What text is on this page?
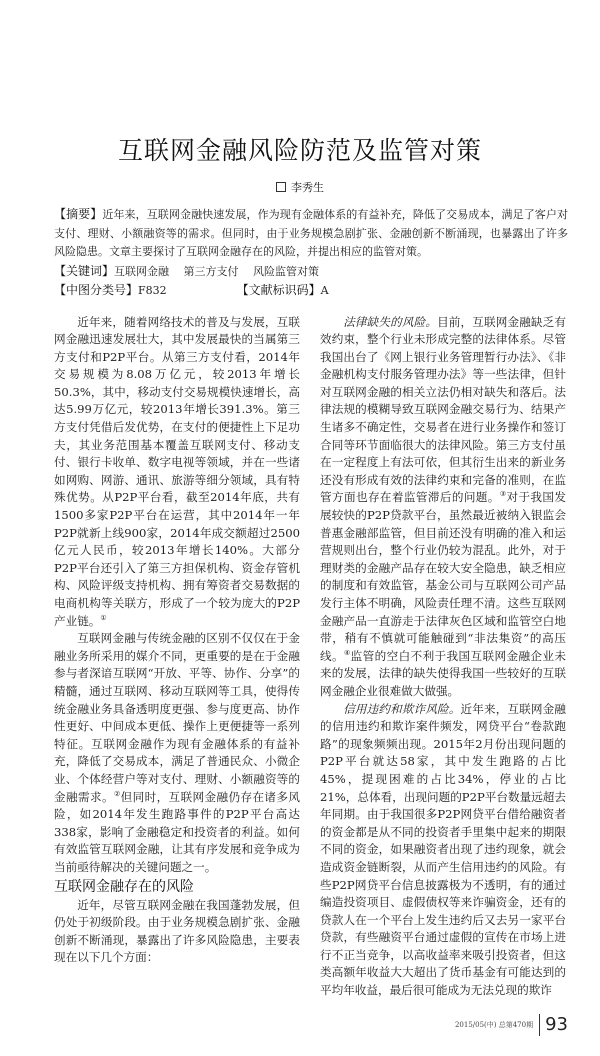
互联网金融风险防范及监管对策
李秀生
【摘要】近年来，互联网金融快速发展，作为现有金融体系的有益补充，降低了交易成本，满足了客户对支付、理财、小额融资等的需求。但同时，由于业务规模急剧扩张、金融创新不断涌现，也暴露出了许多风险隐患。文章主要探讨了互联网金融存在的风险，并提出相应的监管对策。
【关键词】互联网金融　 第三方支付　 风险监管对策
【中图分类号】F832	【文献标识码】A

近年来，随着网络技术的普及与发展，互联网金融迅速发展壮大，其中发展最快的当属第三方支付和P2P平台。从第三方支付看，2014年交易规模为8.08万亿元，较2013年增长50.3%，其中，移动支付交易规模快速增长，高达5.99万亿元，较2013年增长391.3%。第三方支付凭借后发优势，在支付的便捷性上下足功夫，其业务范围基本覆盖互联网支付、移动支付、银行卡收单、数字电视等领域，并在一些诸如网购、网游、通讯、旅游等细分领域，具有特殊优势。从P2P平台看，截至2014年底，共有1500多家P2P平台在运营，其中2014年一年P2P就新上线900家，2014年成交额超过2500亿元人民币，较2013年增长140%。大部分P2P平台还引入了第三方担保机构、资金存管机构、风险评级支持机构、拥有筹资者交易数据的电商机构等关联方，形成了一个较为庞大的P2P产业链。①

互联网金融与传统金融的区别不仅仅在于金融业务所采用的媒介不同，更重要的是在于金融参与者深谙互联网“开放、平等、协作、分享”的精髓，通过互联网、移动互联网等工具，使得传统金融业务具备透明度更强、参与度更高、协作性更好、中间成本更低、操作上更便捷等一系列特征。互联网金融作为现有金融体系的有益补充，降低了交易成本，满足了普通民众、小微企业、个体经营户等对支付、理财、小额融资等的金融需求。②但同时，互联网金融仍存在诸多风险，如2014年发生跑路事件的P2P平台高达338家，影响了金融稳定和投资者的利益。如何有效监管互联网金融，让其有序发展和竞争成为当前亟待解决的关键问题之一。

互联网金融存在的风险

近年，尽管互联网金融在我国蓬勃发展，但仍处于初级阶段。由于业务规模急剧扩张、金融创新不断涌现，暴露出了许多风险隐患，主要表现在以下几个方面：

法律缺失的风险。目前，互联网金融缺乏有效约束，整个行业未形成完整的法律体系。尽管我国出台了《网上银行业务管理暂行办法》、《非金融机构支付服务管理办法》等一些法律，但针对互联网金融的相关立法仍相对缺失和落后。法律法规的模糊导致互联网金融交易行为、结果产生诸多不确定性，交易者在进行业务操作和签订合同等环节面临很大的法律风险。第三方支付虽在一定程度上有法可依，但其衍生出来的新业务还没有形成有效的法律约束和完备的准则，在监管方面也存在着监管滞后的问题。③对于我国发展较快的P2P贷款平台，虽然最近被纳入银监会普惠金融部监管，但目前还没有明确的准入和运营规则出台，整个行业仍较为混乱。此外，对于理财类的金融产品存在较大安全隐患，缺乏相应的制度和有效监管，基金公司与互联网公司产品发行主体不明确，风险责任理不清。这些互联网金融产品一直游走于法律灰色区域和监管空白地带，稍有不慎就可能触碰到“非法集资”的高压线。④监管的空白不利于我国互联网金融企业未来的发展，法律的缺失使得我国一些较好的互联网金融企业很难做大做强。

信用违约和欺诈风险。近年来，互联网金融的信用违约和欺诈案件频发，网贷平台“卷款跑路”的现象频频出现。2015年2月份出现问题的P2P平台就达58家，其中发生跑路的占比45%，提现困难的占比34%，停业的占比21%，总体看，出现问题的P2P平台数量远超去年同期。由于我国很多P2P网贷平台借给融资者的资金都是从不同的投资者手里集中起来的期限不同的资金，如果融资者出现了违约现象，就会造成资金链断裂，从而产生信用违约的风险。有些P2P网贷平台信息披露极为不透明，有的通过编造投资项目、虚假债权等来诈骗资金，还有的贷款人在一个平台上发生违约后又去另一家平台贷款，有些融资平台通过虚假的宣传在市场上进行不正当竞争，以高收益率来吸引投资者，但这类高额年收益大大超出了货币基金有可能达到的平均年收益，最后很可能成为无法兑现的欺诈

2015/05(中) 总第470期 93
